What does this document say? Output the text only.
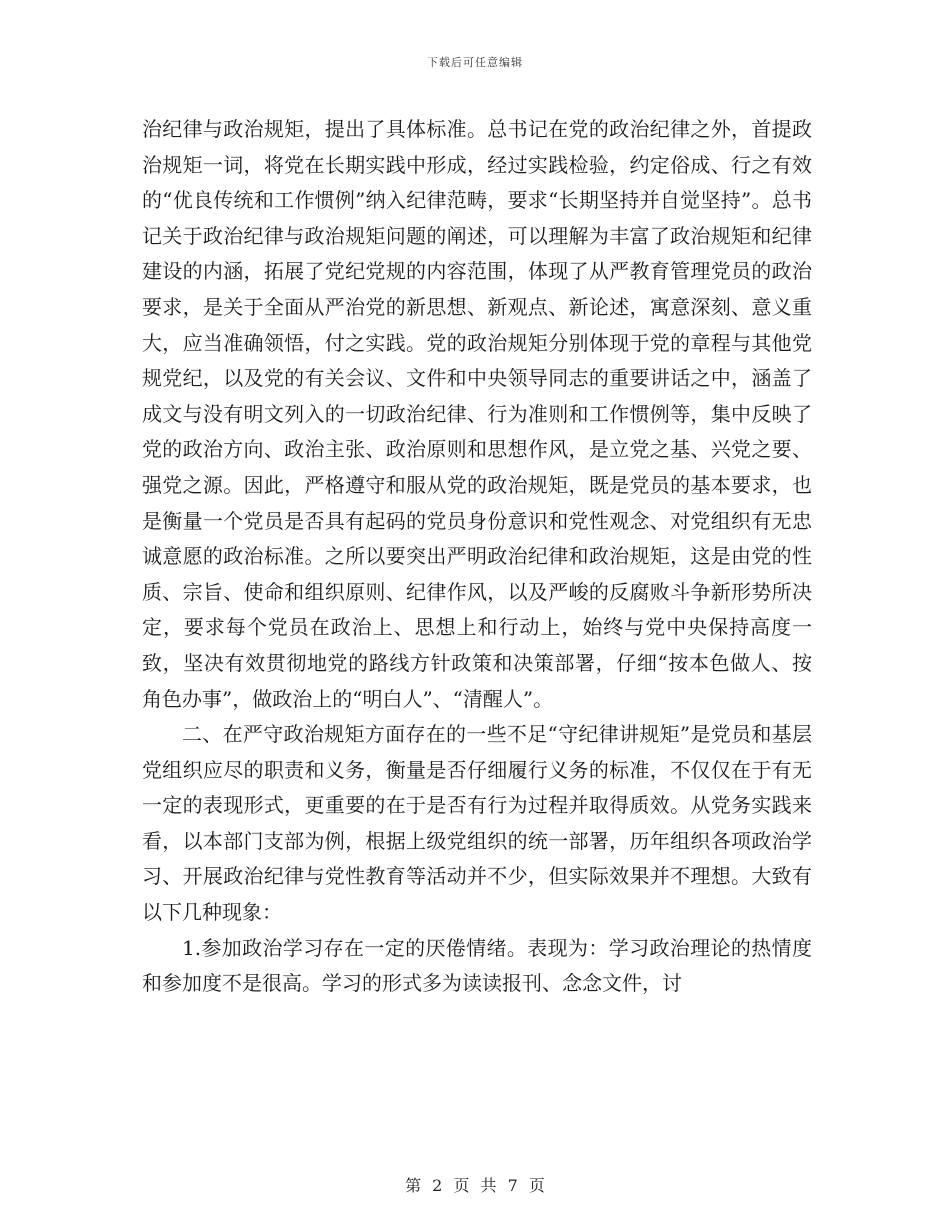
下载后可任意编辑

治纪律与政治规矩，提出了具体标准。总书记在党的政治纪律之外，首提政治规矩一词，将党在长期实践中形成，经过实践检验，约定俗成、行之有效的“优良传统和工作惯例”纳入纪律范畴，要求“长期坚持并自觉坚持”。总书记关于政治纪律与政治规矩问题的阐述，可以理解为丰富了政治规矩和纪律建设的内涵，拓展了党纪党规的内容范围，体现了从严教育管理党员的政治要求，是关于全面从严治党的新思想、新观点、新论述，寓意深刻、意义重大，应当准确领悟，付之实践。党的政治规矩分别体现于党的章程与其他党规党纪，以及党的有关会议、文件和中央领导同志的重要讲话之中，涵盖了成文与没有明文列入的一切政治纪律、行为准则和工作惯例等，集中反映了党的政治方向、政治主张、政治原则和思想作风，是立党之基、兴党之要、强党之源。因此，严格遵守和服从党的政治规矩，既是党员的基本要求，也是衡量一个党员是否具有起码的党员身份意识和党性观念、对党组织有无忠诚意愿的政治标准。之所以要突出严明政治纪律和政治规矩，这是由党的性质、宗旨、使命和组织原则、纪律作风，以及严峻的反腐败斗争新形势所决定，要求每个党员在政治上、思想上和行动上，始终与党中央保持高度一致，坚决有效贯彻地党的路线方针政策和决策部署，仔细“按本色做人、按角色办事”，做政治上的“明白人”、“清醒人”。

二、在严守政治规矩方面存在的一些不足“守纪律讲规矩”是党员和基层党组织应尽的职责和义务，衡量是否仔细履行义务的标准，不仅仅在于有无一定的表现形式，更重要的在于是否有行为过程并取得质效。从党务实践来看，以本部门支部为例，根据上级党组织的统一部署，历年组织各项政治学习、开展政治纪律与党性教育等活动并不少，但实际效果并不理想。大致有以下几种现象：

1.参加政治学习存在一定的厌倦情绪。表现为：学习政治理论的热情度和参加度不是很高。学习的形式多为读读报刊、念念文件，讨

第 2 页 共 7 页
